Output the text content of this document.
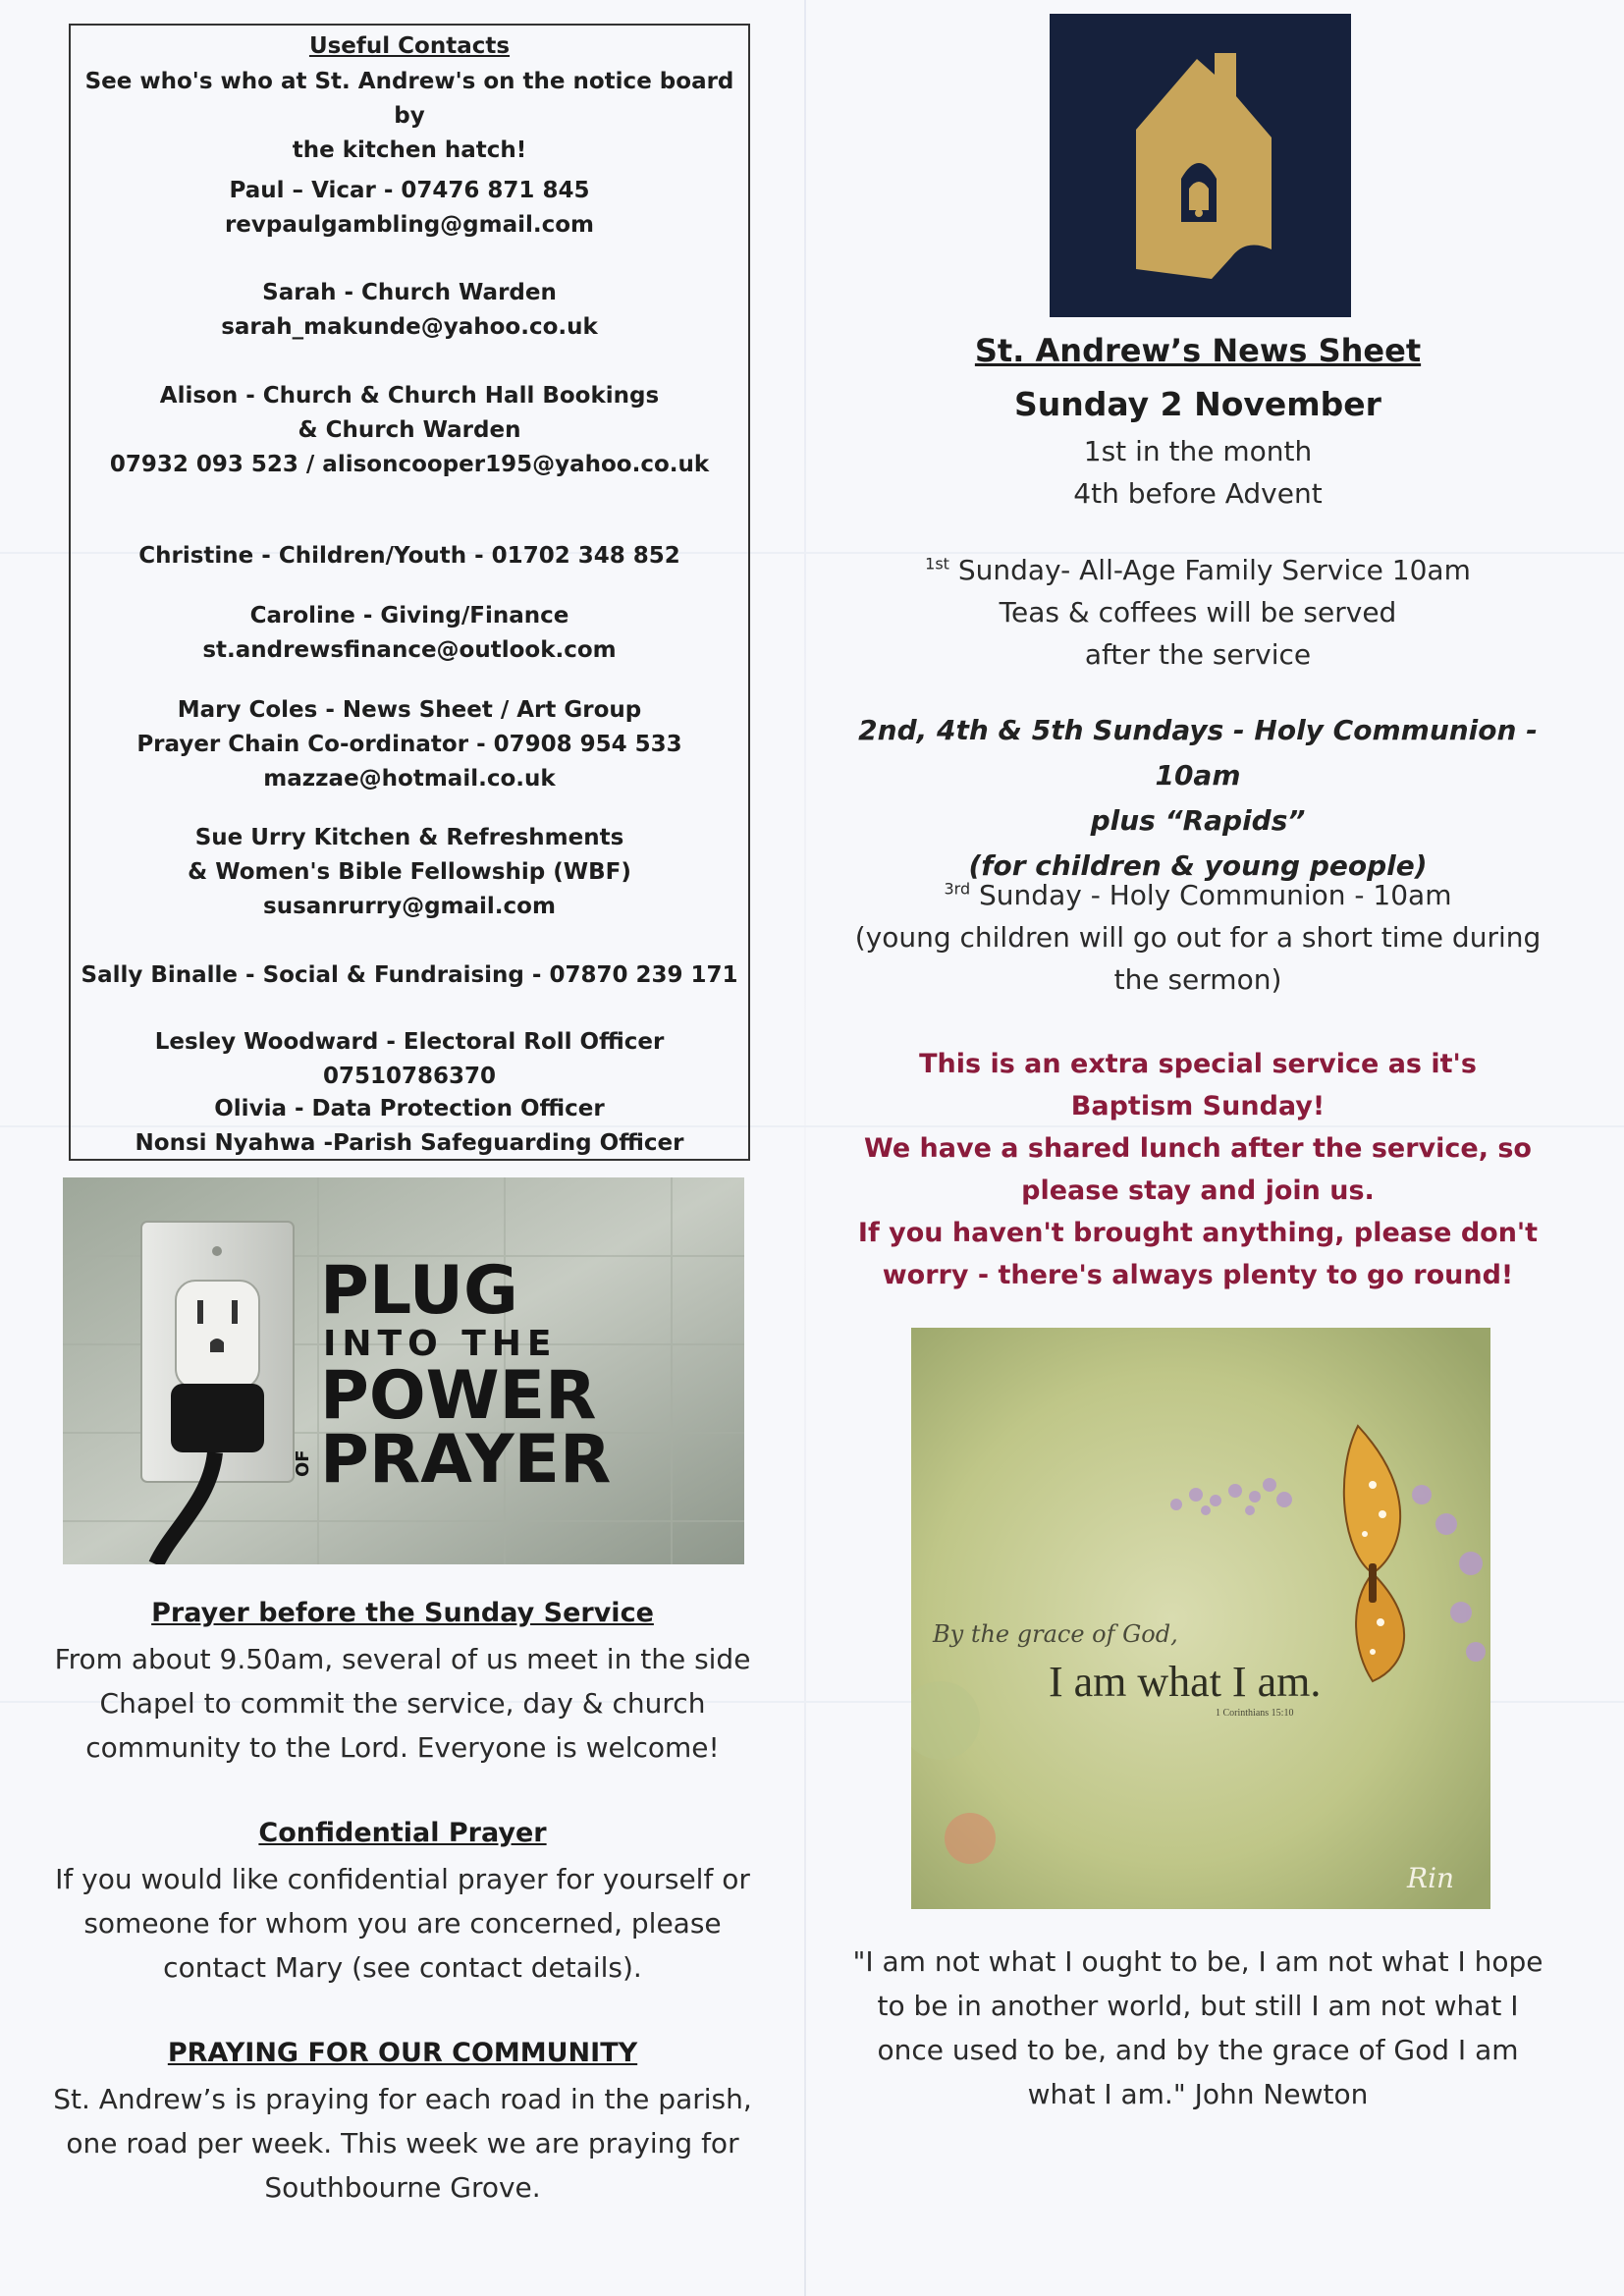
Useful Contacts
See who's who at St. Andrew's on the notice board by
the kitchen hatch!
Paul – Vicar - 07476 871 845
revpaulgambling@gmail.com
Sarah - Church Warden
sarah_makunde@yahoo.co.uk
Alison - Church & Church Hall Bookings
& Church Warden
07932 093 523 / alisoncooper195@yahoo.co.uk
Christine - Children/Youth - 01702 348 852
Caroline - Giving/Finance
st.andrewsfinance@outlook.com
Mary Coles - News Sheet / Art Group
Prayer Chain Co-ordinator - 07908 954 533
mazzae@hotmail.co.uk
Sue Urry Kitchen & Refreshments
& Women's Bible Fellowship (WBF)
susanrurry@gmail.com
Sally Binalle - Social & Fundraising - 07870 239 171
Lesley Woodward - Electoral Roll Officer 07510786370
Olivia - Data Protection Officer
Nonsi Nyahwa -Parish Safeguarding Officer
PLUG
INTO THE
POWER
OF PRAYER
Prayer before the Sunday Service
From about 9.50am, several of us meet in the side
Chapel to commit the service, day & church
community to the Lord. Everyone is welcome!
Confidential Prayer
If you would like confidential prayer for yourself or
someone for whom you are concerned, please
contact Mary (see contact details).
PRAYING FOR OUR COMMUNITY
St. Andrew’s is praying for each road in the parish,
one road per week. This week we are praying for
Southbourne Grove.
St. Andrew’s News Sheet
Sunday 2 November
1st in the month
4th before Advent
$^{1st}$ Sunday- All-Age Family Service 10am
Teas & coffees will be served
after the service
2nd, 4th & 5th Sundays - Holy Communion - 10am
plus “Rapids”
(for children & young people)
$^{3rd}$ Sunday - Holy Communion - 10am
(young children will go out for a short time during
the sermon)
This is an extra special service as it's
Baptism Sunday!
We have a shared lunch after the service, so
please stay and join us.
If you haven't brought anything, please don't
worry - there's always plenty to go round!
By the grace of God,
I am what I am.
1 Corinthians 15:10
Rin
"I am not what I ought to be, I am not what I hope
to be in another world, but still I am not what I
once used to be, and by the grace of God I am
what I am." John Newton
